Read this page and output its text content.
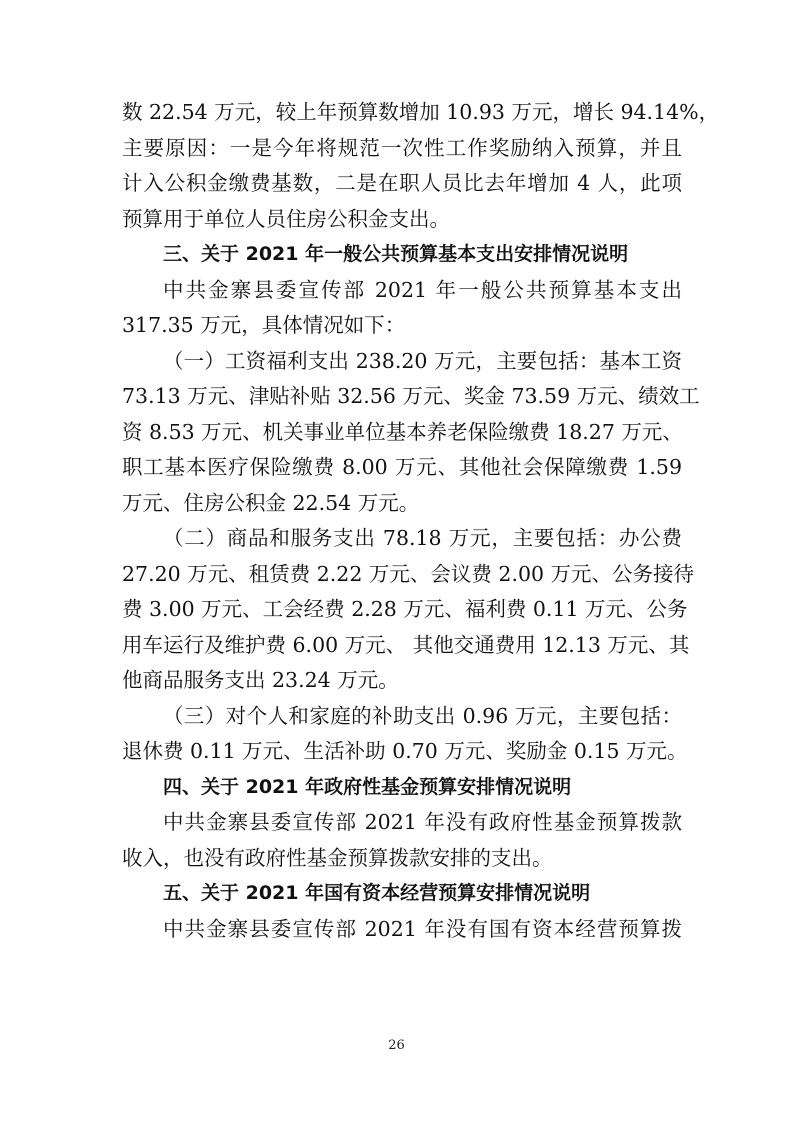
数 22.54 万元，较上年预算数增加 10.93 万元，增长 94.14%，
主要原因：一是今年将规范一次性工作奖励纳入预算，并且
计入公积金缴费基数，二是在职人员比去年增加 4 人，此项
预算用于单位人员住房公积金支出。
三、关于 2021 年一般公共预算基本支出安排情况说明
中共金寨县委宣传部 2021 年一般公共预算基本支出
317.35 万元，具体情况如下：
（一）工资福利支出 238.20 万元，主要包括：基本工资
73.13 万元、津贴补贴 32.56 万元、奖金 73.59 万元、绩效工
资 8.53 万元、机关事业单位基本养老保险缴费 18.27 万元、
职工基本医疗保险缴费 8.00 万元、其他社会保障缴费 1.59
万元、住房公积金 22.54 万元。
（二）商品和服务支出 78.18 万元，主要包括：办公费
27.20 万元、租赁费 2.22 万元、会议费 2.00 万元、公务接待
费 3.00 万元、工会经费 2.28 万元、福利费 0.11 万元、公务
用车运行及维护费 6.00 万元、 其他交通费用 12.13 万元、其
他商品服务支出 23.24 万元。
（三）对个人和家庭的补助支出 0.96 万元，主要包括：
退休费 0.11 万元、生活补助 0.70 万元、奖励金 0.15 万元。
四、关于 2021 年政府性基金预算安排情况说明
中共金寨县委宣传部 2021 年没有政府性基金预算拨款
收入，也没有政府性基金预算拨款安排的支出。
五、关于 2021 年国有资本经营预算安排情况说明
中共金寨县委宣传部 2021 年没有国有资本经营预算拨
26
